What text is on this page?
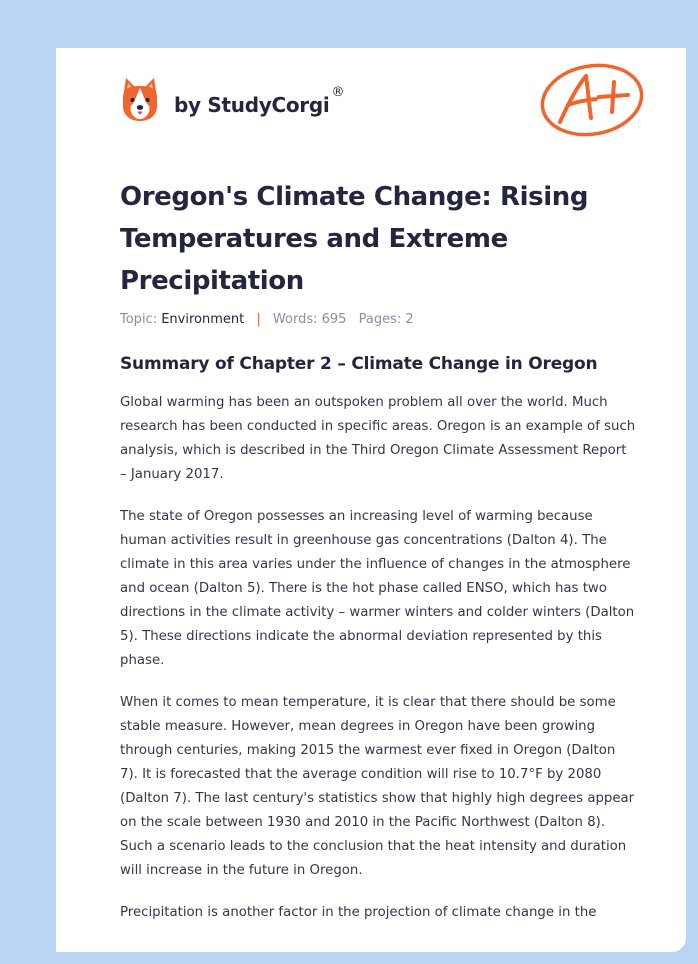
by StudyCorgi®
Oregon's Climate Change: Rising Temperatures and Extreme Precipitation
Topic: Environment | Words: 695 Pages: 2
Summary of Chapter 2 – Climate Change in Oregon

Global warming has been an outspoken problem all over the world. Much research has been conducted in specific areas. Oregon is an example of such analysis, which is described in the Third Oregon Climate Assessment Report – January 2017.

The state of Oregon possesses an increasing level of warming because human activities result in greenhouse gas concentrations (Dalton 4). The climate in this area varies under the influence of changes in the atmosphere and ocean (Dalton 5). There is the hot phase called ENSO, which has two directions in the climate activity – warmer winters and colder winters (Dalton 5). These directions indicate the abnormal deviation represented by this phase.

When it comes to mean temperature, it is clear that there should be some stable measure. However, mean degrees in Oregon have been growing through centuries, making 2015 the warmest ever fixed in Oregon (Dalton 7). It is forecasted that the average condition will rise to 10.7°F by 2080 (Dalton 7). The last century's statistics show that highly high degrees appear on the scale between 1930 and 2010 in the Pacific Northwest (Dalton 8). Such a scenario leads to the conclusion that the heat intensity and duration will increase in the future in Oregon.

Precipitation is another factor in the projection of climate change in the
